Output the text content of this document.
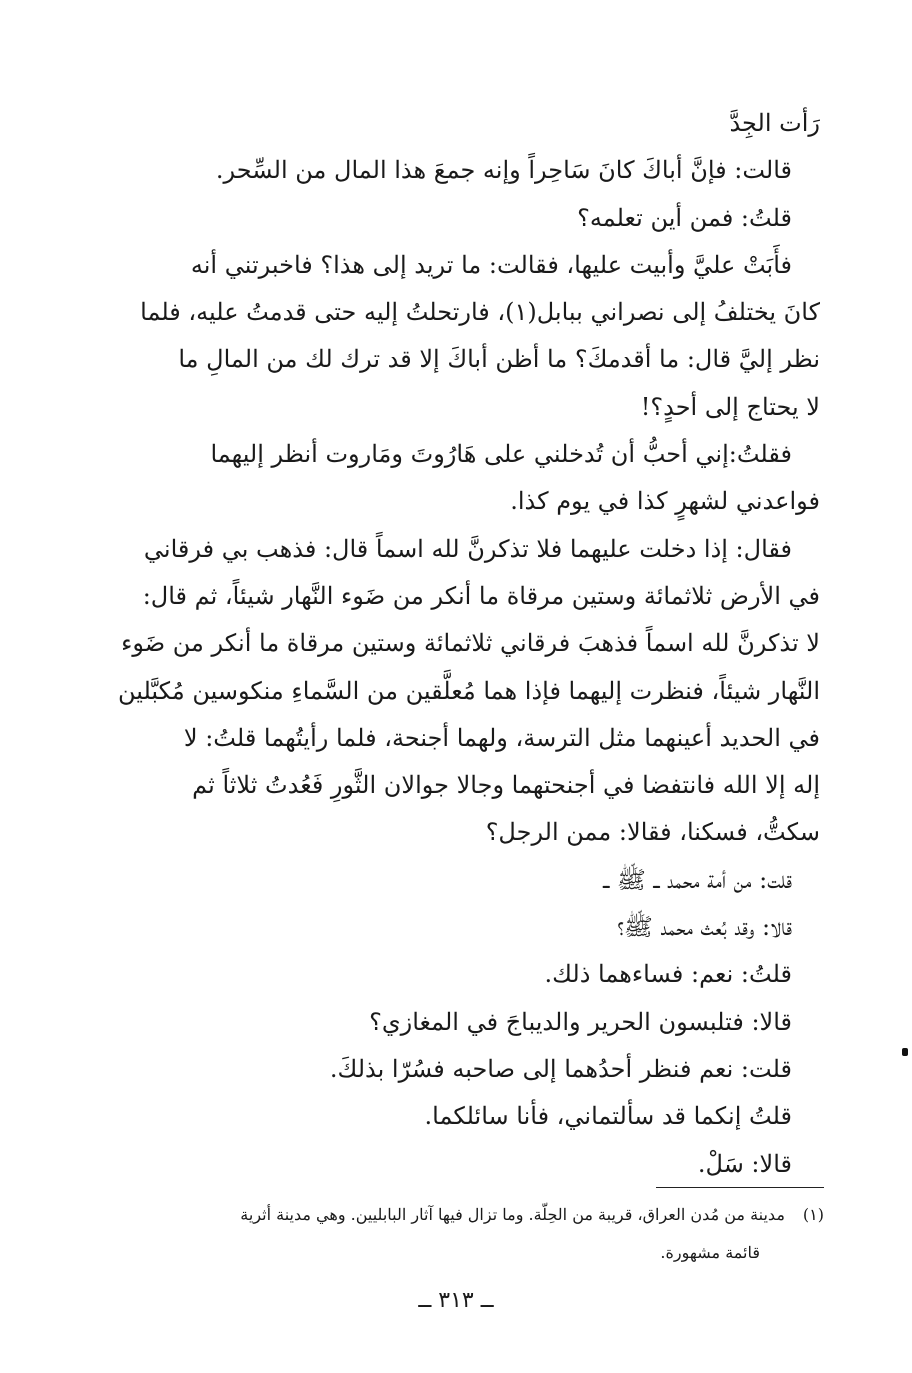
رَأت الجِدَّ
قالت: فإنَّ أباكَ كانَ سَاحِراً وإنه جمعَ هذا المال من السِّحر.
قلتُ: فمن أين تعلمه؟
فأَبَتْ عليَّ وأبيت عليها، فقالت: ما تريد إلى هذا؟ فاخبرتني أنه
كانَ يختلفُ إلى نصراني ببابل(١)، فارتحلتُ إليه حتى قدمتُ عليه، فلما
نظر إليَّ قال: ما أقدمكَ؟ ما أظن أباكَ إلا قد ترك لك من المالِ ما
لا يحتاج إلى أحدٍ؟!
فقلتُ:إني أحبُّ أن تُدخلني على هَارُوتَ ومَاروت أنظر إليهما
فواعدني لشهرٍ كذا في يوم كذا.
فقال: إذا دخلت عليهما فلا تذكرنَّ لله اسماً قال: فذهب بي فرقاني
في الأرض ثلاثمائة وستين مرقاة ما أنكر من ضَوء النَّهار شيئاً، ثم قال:
لا تذكرنَّ لله اسماً فذهبَ فرقاني ثلاثمائة وستين مرقاة ما أنكر من ضَوء
النَّهار شيئاً، فنظرت إليهما فإذا هما مُعلَّقين من السَّماءِ منكوسين مُكبَّلين
في الحديد أعينهما مثل الترسة، ولهما أجنحة، فلما رأيتُهما قلتُ: لا
إله إلا الله فانتفضا في أجنحتهما وجالا جوالان الثَّورِ فَعُدتُ ثلاثاً ثم
سكتُّ، فسكنا، فقالا: ممن الرجل؟
قلت: من أمة محمد ــ ﷺ ــ
قالا: وقد بُعث محمد ﷺ؟
قلتُ: نعم: فساءهما ذلك.
قالا: فتلبسون الحرير والديباجَ في المغازي؟
قلت: نعم فنظر أحدُهما إلى صاحبه فسُرّا بذلكَ.
قلتُ إنكما قد سألتماني، فأنا سائلكما.
قالا: سَلْ.
(١)مدينة من مُدن العراق، قريبة من الحِلّة. وما تزال فيها آثار البابليين. وهي مدينة أثرية
قائمة مشهورة.
ــ ٣١٣ ــ
